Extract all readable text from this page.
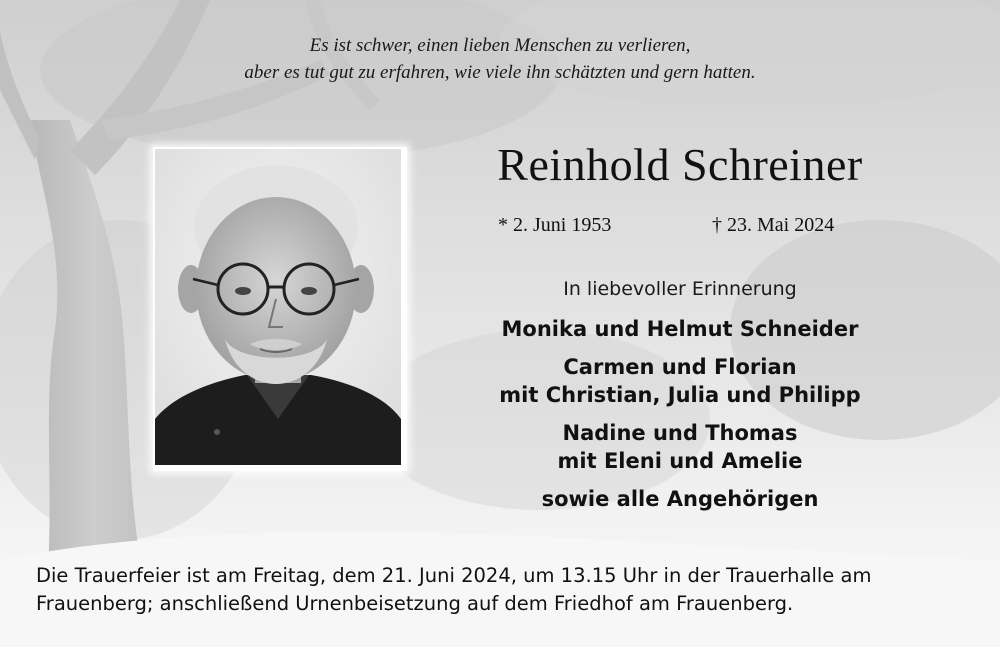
Es ist schwer, einen lieben Menschen zu verlieren,
aber es tut gut zu erfahren, wie viele ihn schätzten und gern hatten.
Reinhold Schreiner
* 2. Juni 1953	† 23. Mai 2024
In liebevoller Erinnerung
Monika und Helmut Schneider
Carmen und Florian
mit Christian, Julia und Philipp
Nadine und Thomas
mit Eleni und Amelie
sowie alle Angehörigen
Die Trauerfeier ist am Freitag, dem 21. Juni 2024, um 13.15 Uhr in der Trauerhalle am
Frauenberg; anschließend Urnenbeisetzung auf dem Friedhof am Frauenberg.
